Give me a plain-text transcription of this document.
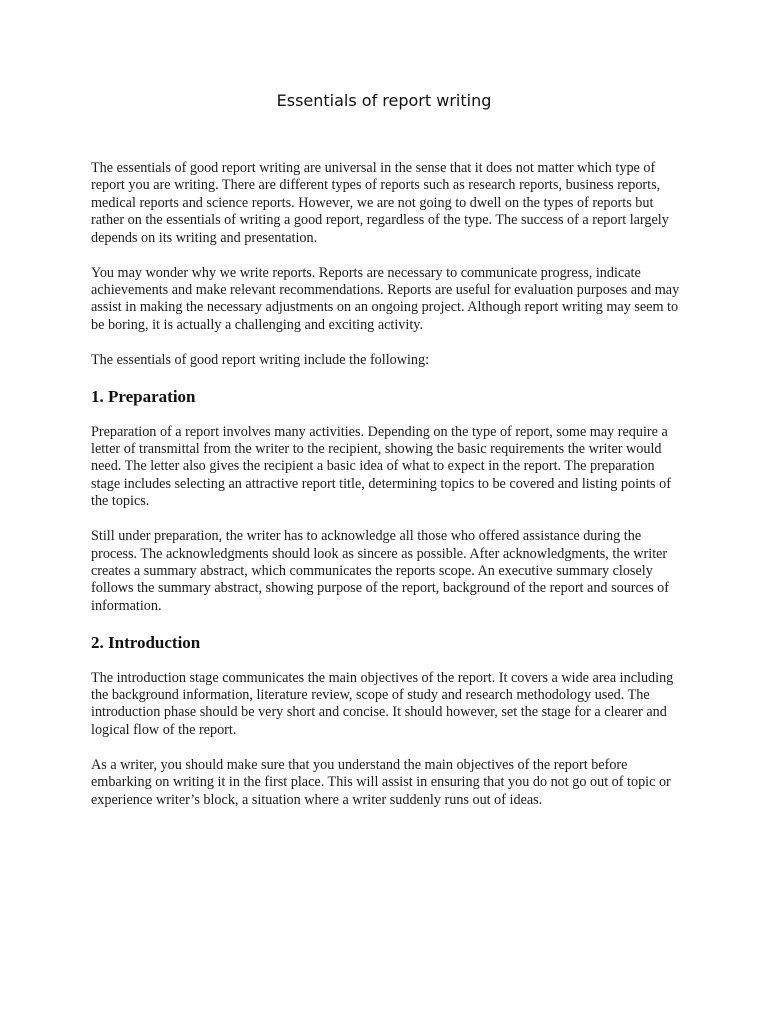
Essentials of report writing

The essentials of good report writing are universal in the sense that it does not matter which type of report you are writing. There are different types of reports such as research reports, business reports, medical reports and science reports. However, we are not going to dwell on the types of reports but rather on the essentials of writing a good report, regardless of the type. The success of a report largely depends on its writing and presentation.

You may wonder why we write reports. Reports are necessary to communicate progress, indicate achievements and make relevant recommendations. Reports are useful for evaluation purposes and may assist in making the necessary adjustments on an ongoing project. Although report writing may seem to be boring, it is actually a challenging and exciting activity.

The essentials of good report writing include the following:

1. Preparation

Preparation of a report involves many activities. Depending on the type of report, some may require a letter of transmittal from the writer to the recipient, showing the basic requirements the writer would need. The letter also gives the recipient a basic idea of what to expect in the report. The preparation stage includes selecting an attractive report title, determining topics to be covered and listing points of the topics.

Still under preparation, the writer has to acknowledge all those who offered assistance during the process. The acknowledgments should look as sincere as possible. After acknowledgments, the writer creates a summary abstract, which communicates the reports scope. An executive summary closely follows the summary abstract, showing purpose of the report, background of the report and sources of information.

2. Introduction

The introduction stage communicates the main objectives of the report. It covers a wide area including the background information, literature review, scope of study and research methodology used. The introduction phase should be very short and concise. It should however, set the stage for a clearer and logical flow of the report.

As a writer, you should make sure that you understand the main objectives of the report before embarking on writing it in the first place. This will assist in ensuring that you do not go out of topic or experience writer’s block, a situation where a writer suddenly runs out of ideas.
